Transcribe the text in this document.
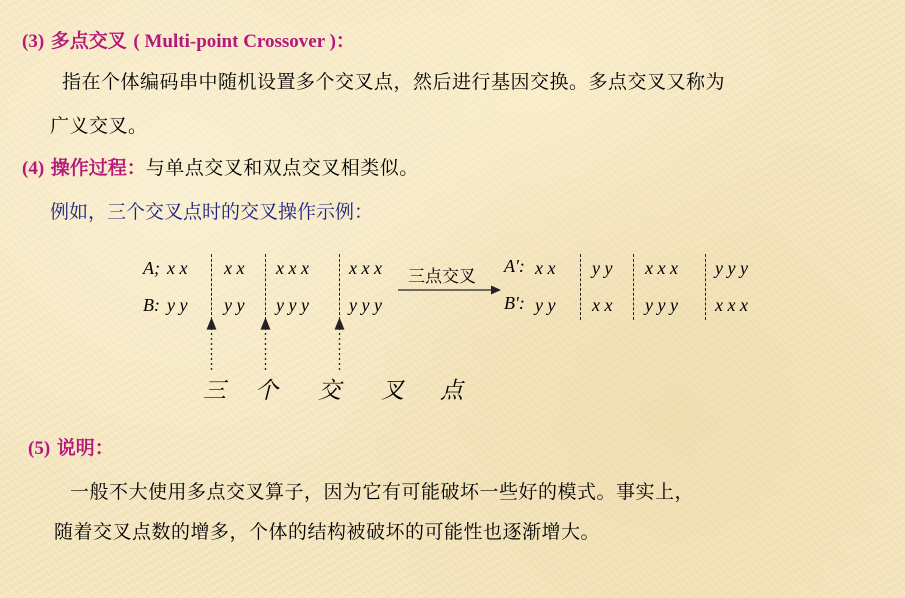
(3) 多点交叉 ( Multi-point Crossover )：
指在个体编码串中随机设置多个交叉点，然后进行基因交换。多点交叉又称为
广义交叉。
(4) 操作过程：与单点交叉和双点交叉相类似。
例如，三个交叉点时的交叉操作示例：
A; x x x x x x x x x x
B: y y y y y y y y y y
三 个 交 叉 点
三点交叉
A′: x x y y x x x y y y
B′: y y x x y y y x x x
(5) 说明：
一般不大使用多点交叉算子，因为它有可能破坏一些好的模式。事实上，
随着交叉点数的增多，个体的结构被破坏的可能性也逐渐增大。
